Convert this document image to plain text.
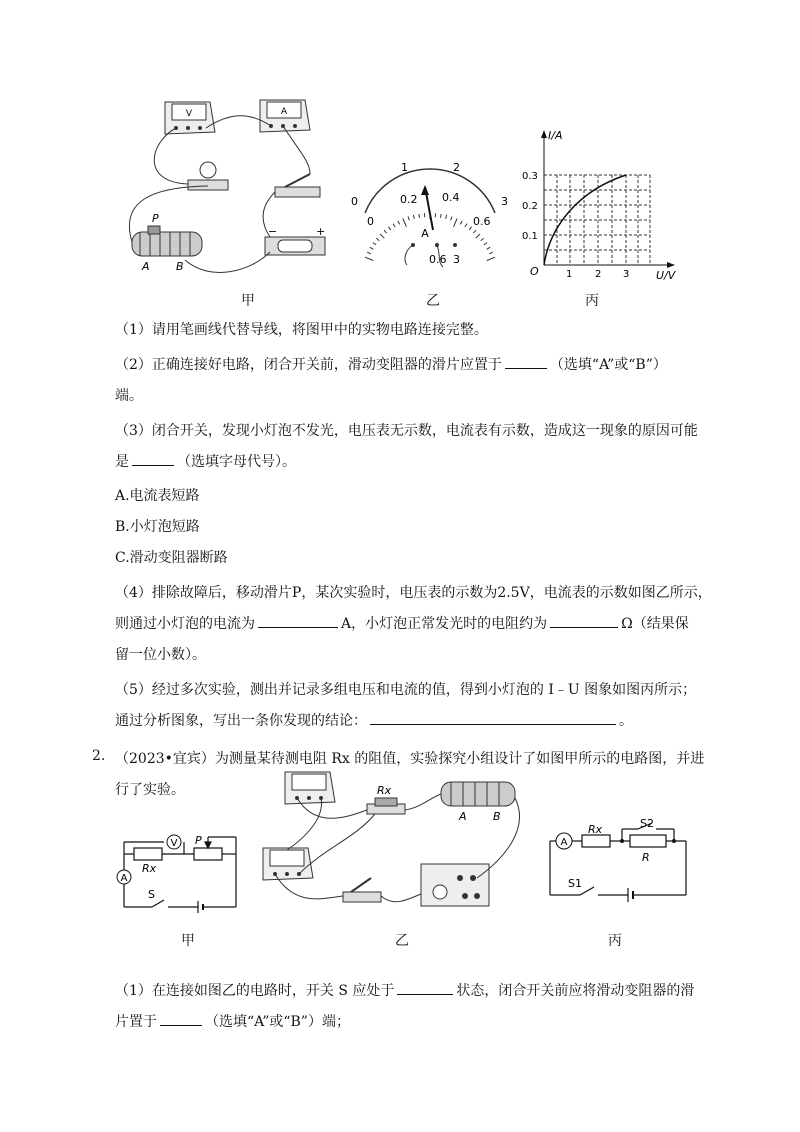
V	A
P
A B
−	+
甲
0
1	2
3
0
0.2 0.4
0.6
A
0.6 3
乙
I/A
U/V
O
0.1
0.2
0.3
1 2 3
丙
（1）请用笔画线代替导线，将图甲中的实物电路连接完整。
（2）正确连接好电路，闭合开关前，滑动变阻器的滑片应置于	（选填“A”或“B”）
端。
（3）闭合开关，发现小灯泡不发光，电压表无示数，电流表有示数，造成这一现象的原因可能
是	（选填字母代号）。
A.电流表短路
B.小灯泡短路
C.滑动变阻器断路
（4）排除故障后，移动滑片P，某次实验时，电压表的示数为2.5V，电流表的示数如图乙所示，
则通过小灯泡的电流为	A，小灯泡正常发光时的电阻约为	Ω（结果保
留一位小数）。
（5）经过多次实验，测出并记录多组电压和电流的值，得到小灯泡的 I﹣U 图象如图丙所示；
通过分析图象，写出一条你发现的结论：	。
2. （2023•宜宾）为测量某待测电阻 Rx 的阻值，实验探究小组设计了如图甲所示的电路图，并进
行了实验。
V
A
Rx
P
S
甲
Rx
A B
乙
A
Rx
R
S2
S1
丙
（1）在连接如图乙的电路时，开关 S 应处于	状态，闭合开关前应将滑动变阻器的滑
片置于	（选填“A”或“B”）端；
